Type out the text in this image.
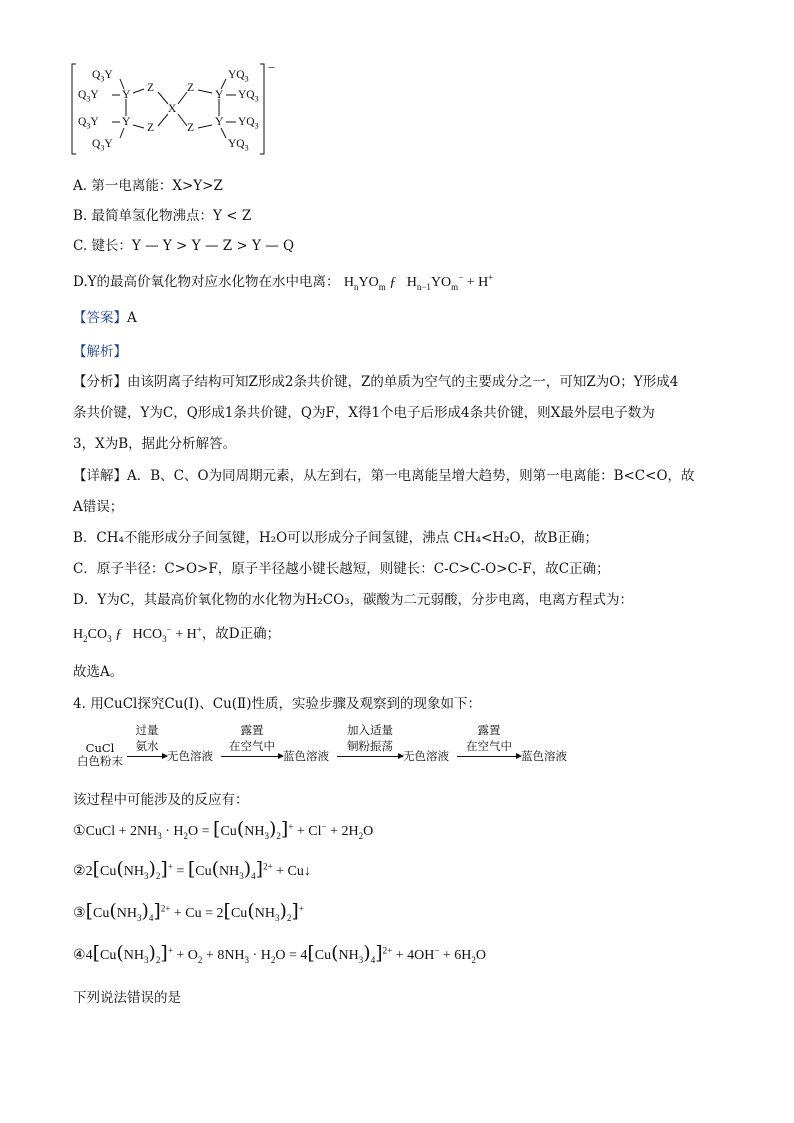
$Q_3Y$
$Q_3Y$
$Q_3Y$
$Q_3Y$
Y
Y
Z
Z
X
Z
Z
Y
Y
$YQ_3$
$YQ_3$
$YQ_3$
$YQ_3$
−
A. 第一电离能：X>Y>Z
B. 最简单氢化物沸点：Y < Z
C. 键长：Y — Y > Y — Z > Y — Q
D.Y的最高价氧化物对应水化物在水中电离： $H_nYO_m$ ƒ   $H_{n-1}YO_m^- + H^+$
【答案】A
【解析】
【分析】由该阴离子结构可知Z形成2条共价键，Z的单质为空气的主要成分之一，可知Z为O；Y形成4
条共价键，Y为C，Q形成1条共价键，Q为F，X得1个电子后形成4条共价键，则X最外层电子数为
3，X为B，据此分析解答。
【详解】A．B、C、O为同周期元素，从左到右，第一电离能呈增大趋势，则第一电离能：B<C<O，故
A错误；
B．CH₄不能形成分子间氢键，H₂O可以形成分子间氢键，沸点 CH₄<H₂O，故B正确；
C．原子半径：C>O>F，原子半径越小键长越短，则键长：C-C>C-O>C-F，故C正确；
D．Y为C，其最高价氧化物的水化物为H₂CO₃，碳酸为二元弱酸，分步电离，电离方程式为：
$H_2CO_3$ ƒ   $HCO_3^- + H^+$，故D正确；
故选A。
4. 用CuCl探究Cu(Ⅰ)、Cu(Ⅱ)性质，实验步骤及观察到的现象如下：
CuCl
白色粉末
过量
氨水
无色溶液
露置
在空气中
蓝色溶液
加入适量
铜粉振荡
无色溶液
露置
在空气中
蓝色溶液
该过程中可能涉及的反应有：
①CuCl + $2NH_3 \cdot H_2O = [Cu(NH_3)_2]^+ + Cl^- + 2H_2O$
$②2[Cu(NH_3)_2]^+ = [Cu(NH_3)_4]^{2+}$ + Cu↓
$③[Cu(NH_3)_4]^{2+} + Cu = 2[Cu(NH_3)_2]^+$
$④4[Cu(NH_3)_2]^+ + O_2 + 8NH_3 \cdot H_2O = 4[Cu(NH_3)_4]^{2+} + 4OH^- + 6H_2O$
下列说法错误的是
